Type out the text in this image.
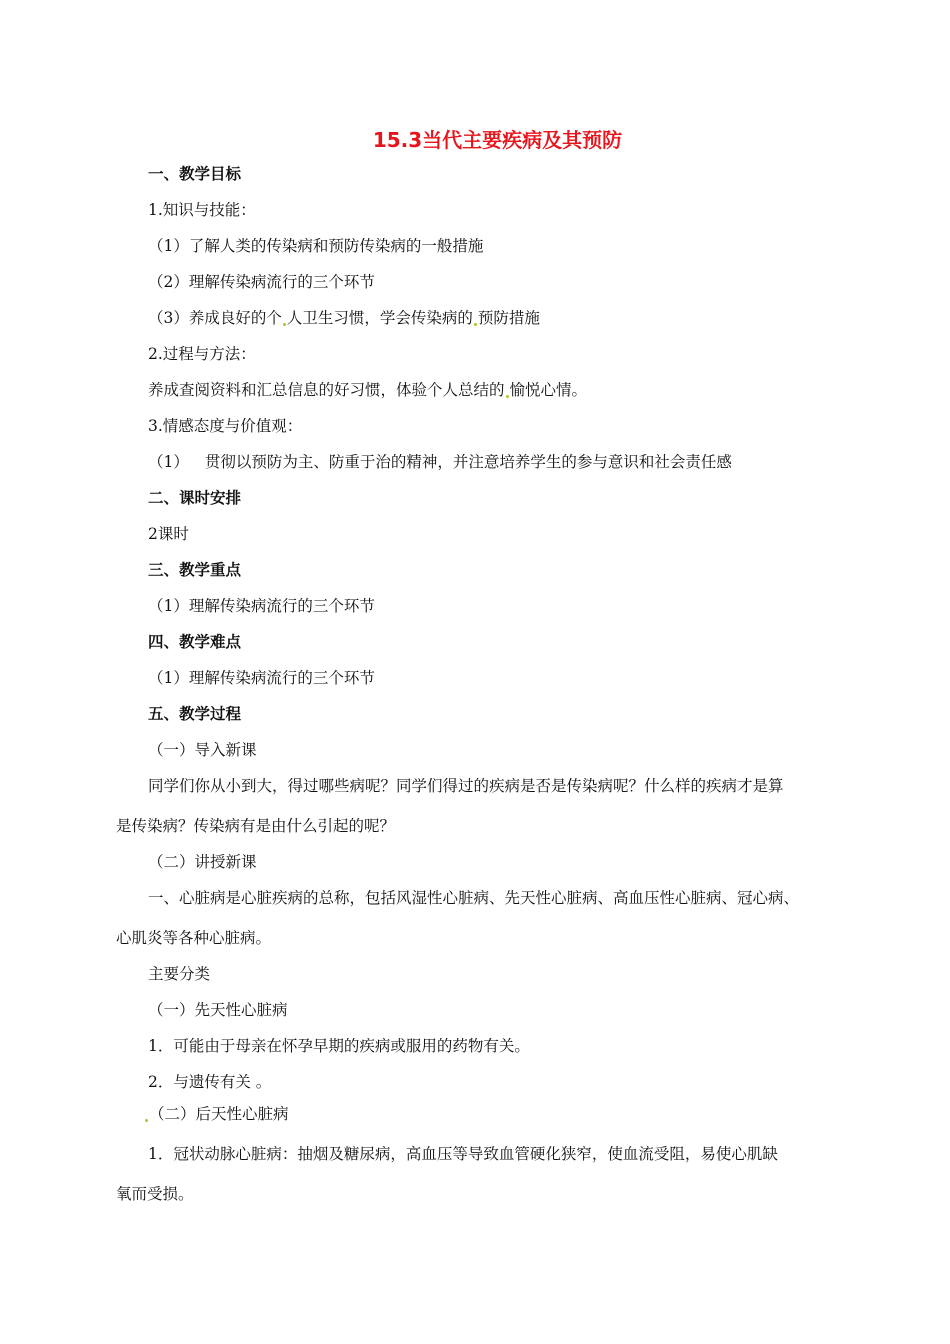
15.3当代主要疾病及其预防
一、教学目标
1.知识与技能：
（1）了解人类的传染病和预防传染病的一般措施
（2）理解传染病流行的三个环节
（3）养成良好的个 人卫生习惯，学会传染病的 预防措施
2.过程与方法：
养成查阅资料和汇总信息的好习惯，体验个人总结的 愉悦心情。
3.情感态度与价值观：
（1） 贯彻以预防为主、防重于治的精神，并注意培养学生的参与意识和社会责任感
二、课时安排
2课时
三、教学重点
（1）理解传染病流行的三个环节
四、教学难点
（1）理解传染病流行的三个环节
五、教学过程
（一）导入新课
同学们你从小到大，得过哪些病呢？同学们得过的疾病是否是传染病呢？什么样的疾病才是算
是传染病？传染病有是由什么引起的呢？
（二）讲授新课
一、心脏病是心脏疾病的总称，包括风湿性心脏病、先天性心脏病、高血压性心脏病、冠心病、
心肌炎等各种心脏病。
主要分类
（一）先天性心脏病
1．可能由于母亲在怀孕早期的疾病或服用的药物有关。
2．与遗传有关 。
（二）后天性心脏病
1．冠状动脉心脏病：抽烟及糖尿病，高血压等导致血管硬化狭窄，使血流受阻，易使心肌缺
氧而受损。
